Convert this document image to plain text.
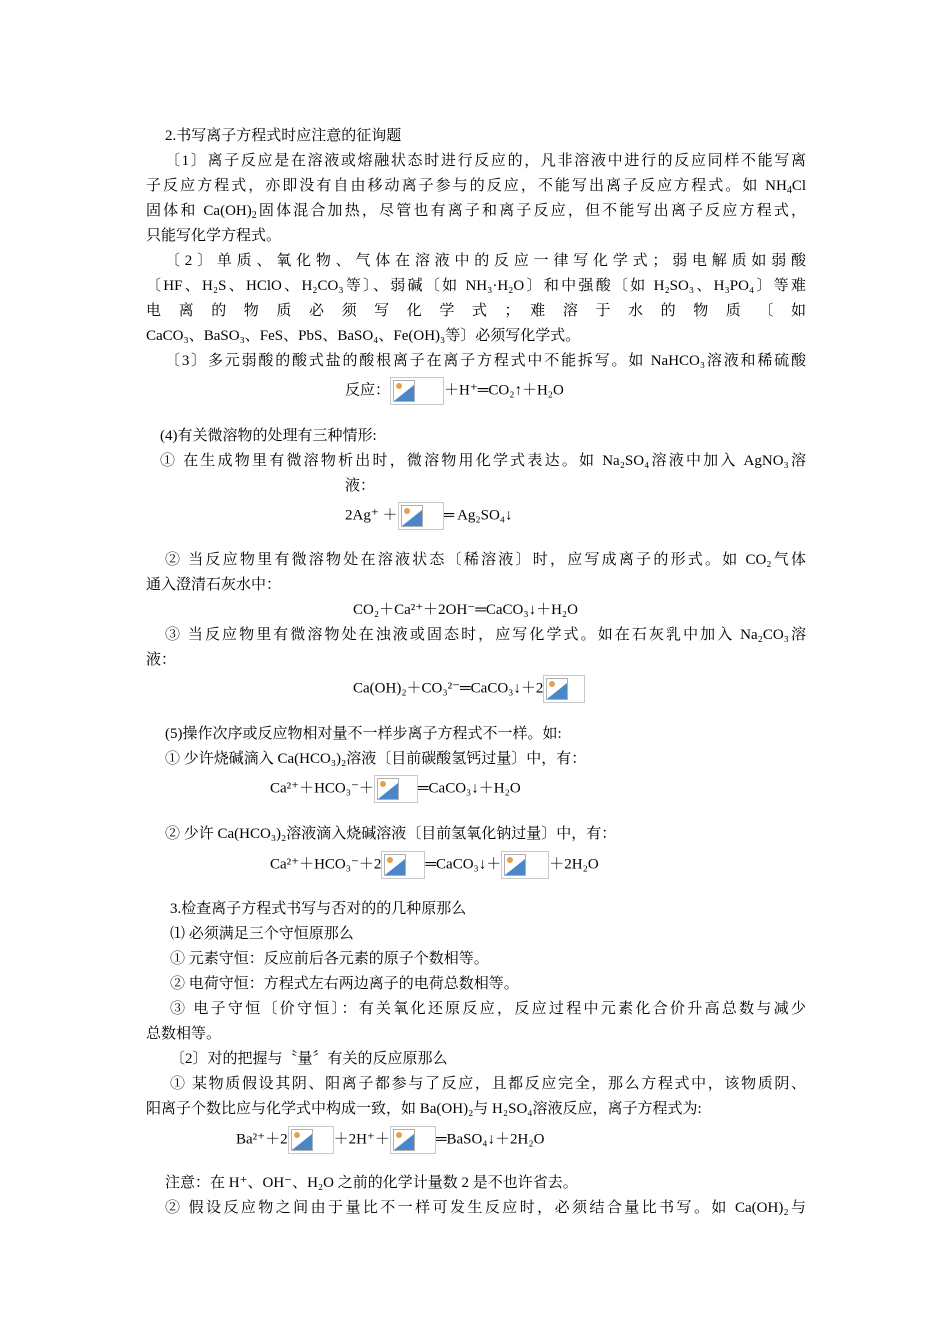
2.书写离子方程式时应注意的征询题
〔1〕离子反应是在溶液或熔融状态时进行反应的，凡非溶液中进行的反应同样不能写离
子反应方程式，亦即没有自由移动离子参与的反应，不能写出离子反应方程式。如 $NH_4Cl$
固体和 $Ca(OH)_2$固体混合加热，尽管也有离子和离子反应，但不能写出离子反应方程式，
只能写化学方程式。
〔2〕单质、氧化物、气体在溶液中的反应一律写化学式；弱电解质如弱酸
〔HF、H₂S、HClO、H₂CO₃等〕、弱碱〔如 NH₃·H₂O〕和中强酸〔如 H₂SO₃、H₃PO₄〕等难
电 离 的 物 质 必 须 写 化 学 式 ； 难 溶 于 水 的 物 质 〔 如
CaCO₃、BaSO₃、FeS、PbS、BaSO₄、Fe(OH)₃等〕必须写化学式。
〔3〕多元弱酸的酸式盐的酸根离子在离子方程式中不能拆写。如 NaHCO₃溶液和稀硫酸
反应：	＋H⁺═CO₂↑＋H₂O
(4)有关微溶物的处理有三种情形:
① 在生成物里有微溶物析出时，微溶物用化学式表达。如 Na₂SO₄溶液中加入 AgNO₃溶
液：
2Ag⁺ ＋	═ Ag₂SO₄↓
② 当反应物里有微溶物处在溶液状态〔稀溶液〕时，应写成离子的形式。如 CO₂气体
通入澄清石灰水中：
CO₂＋Ca²⁺＋2OH⁻═CaCO₃↓＋H₂O
③ 当反应物里有微溶物处在浊液或固态时，应写化学式。如在石灰乳中加入 Na₂CO₃溶
液：
Ca(OH)₂＋CO₃²⁻═CaCO₃↓＋2
(5)操作次序或反应物相对量不一样步离子方程式不一样。如:
① 少许烧碱滴入 Ca(HCO₃)₂溶液〔目前碳酸氢钙过量〕中，有：
Ca²⁺＋HCO₃⁻＋	═CaCO₃↓＋H₂O
② 少许 Ca(HCO₃)₂溶液滴入烧碱溶液〔目前氢氧化钠过量〕中，有：
Ca²⁺＋HCO₃⁻＋2	═CaCO₃↓＋	＋2H₂O
3.检查离子方程式书写与否对的的几种原那么
⑴ 必须满足三个守恒原那么
① 元素守恒：反应前后各元素的原子个数相等。
② 电荷守恒：方程式左右两边离子的电荷总数相等。
③ 电子守恒〔价守恒〕：有关氧化还原反应，反应过程中元素化合价升高总数与减少
总数相等。
〔2〕对的把握与〝量〞有关的反应原那么
① 某物质假设其阴、阳离子都参与了反应，且都反应完全，那么方程式中，该物质阴、
阳离子个数比应与化学式中构成一致，如 Ba(OH)₂与 H₂SO₄溶液反应，离子方程式为:
Ba²⁺＋2	＋2H⁺＋	═BaSO₄↓＋2H₂O
注意：在 H⁺、OH⁻、H₂O 之前的化学计量数 2 是不也许省去。
② 假设反应物之间由于量比不一样可发生反应时，必须结合量比书写。如 Ca(OH)₂与
